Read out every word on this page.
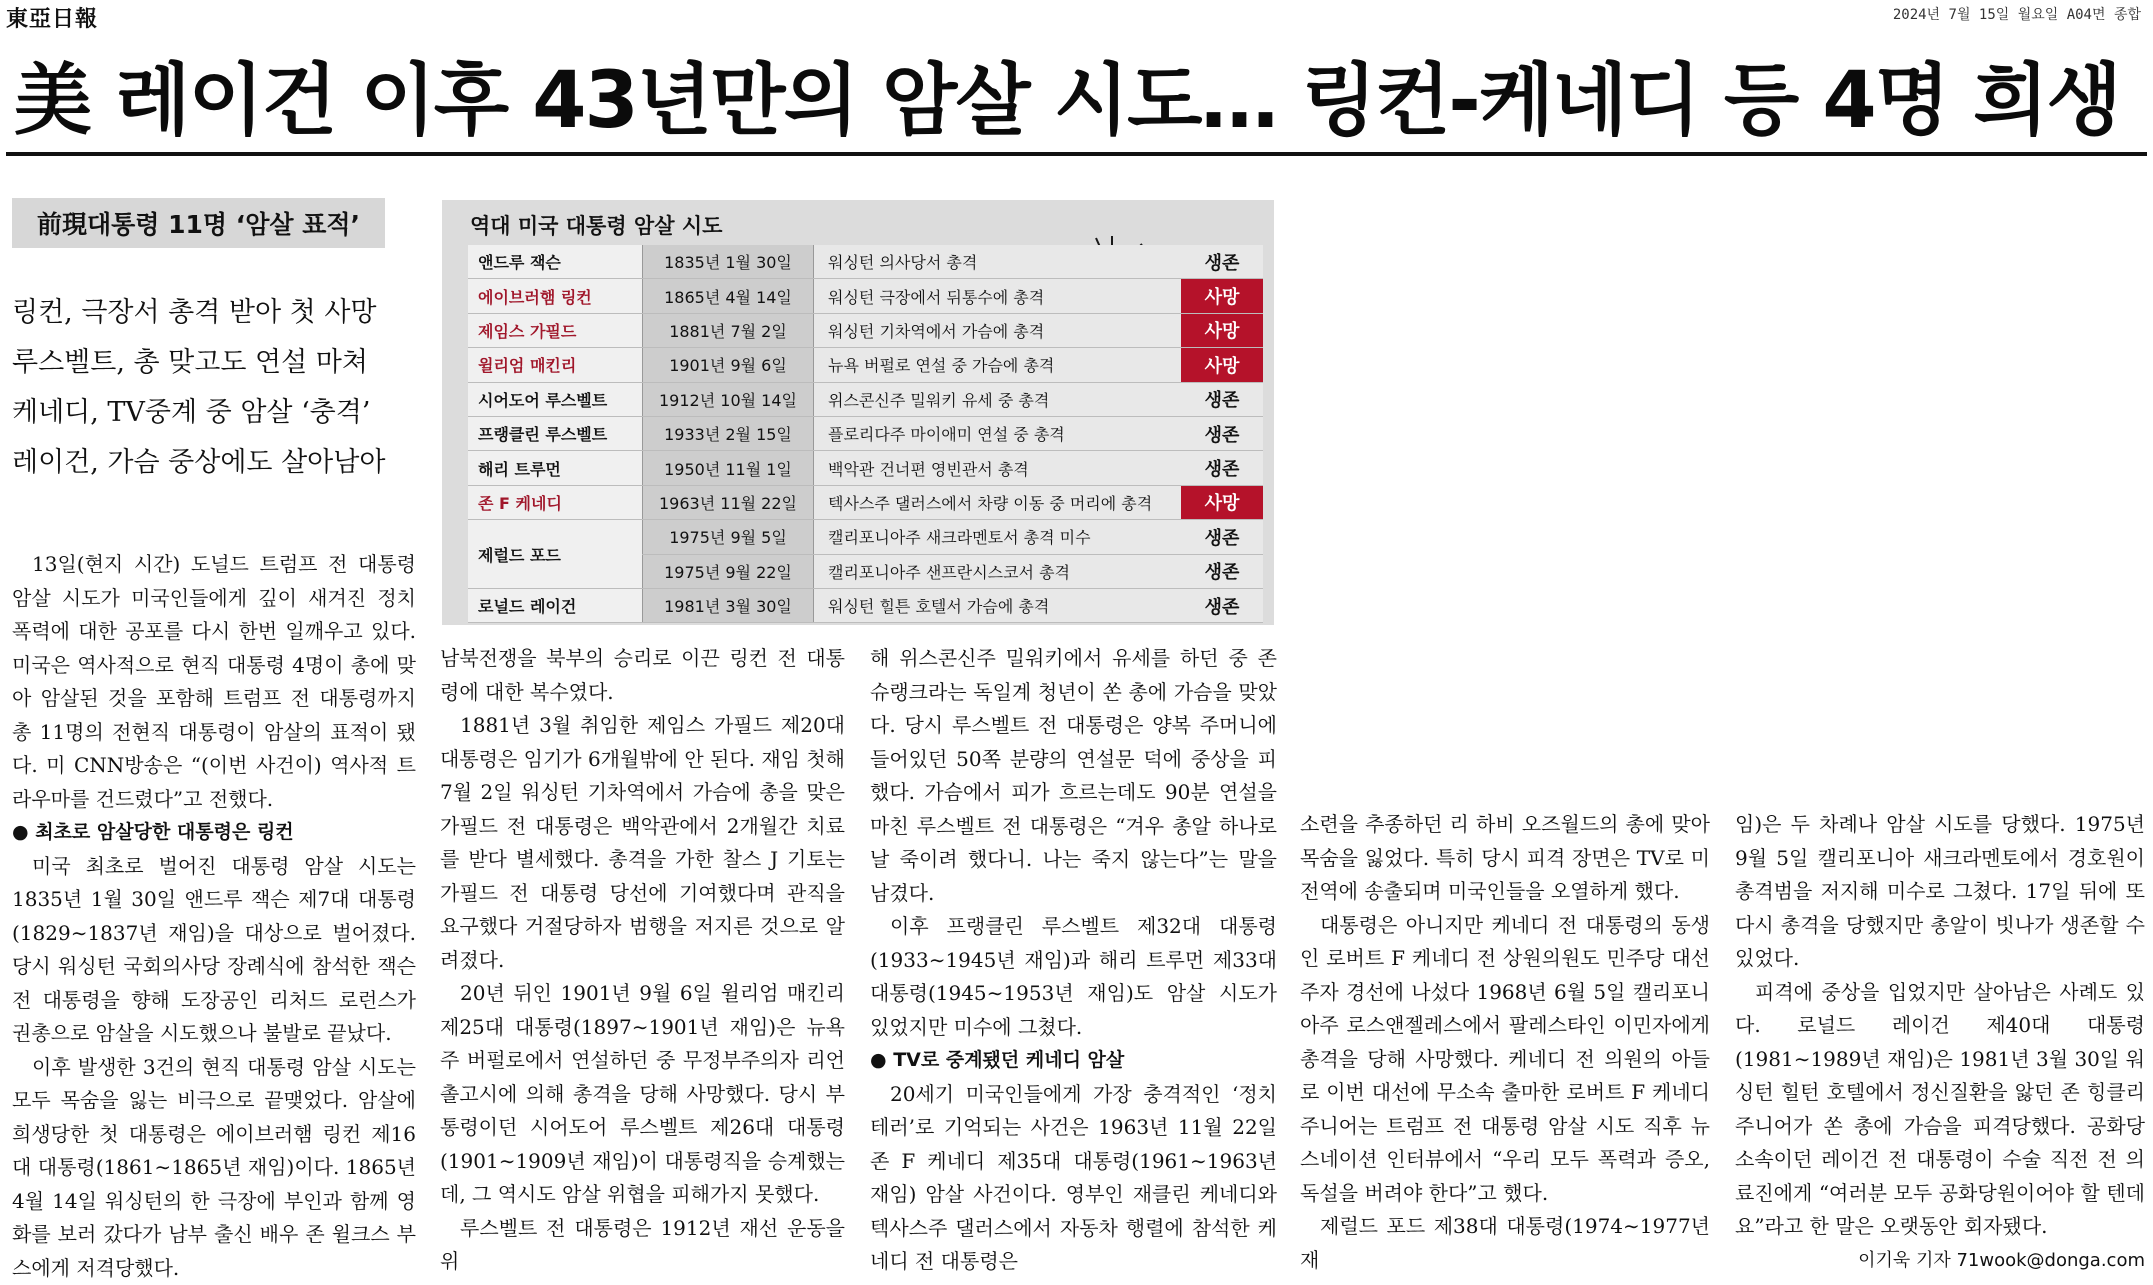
東亞日報	2024년 7월 15일 월요일 A04면 종합
美 레이건 이후 43년만의 암살 시도… 링컨-케네디 등 4명 희생
前現대통령 11명 ‘암살 표적’
링컨, 극장서 총격 받아 첫 사망
루스벨트, 총 맞고도 연설 마쳐
케네디, TV중계 중 암살 ‘충격’
레이건, 가슴 중상에도 살아남아
역대 미국 대통령 암살 시도
앤드루 잭슨	1835년 1월 30일	워싱턴 의사당서 총격	생존
에이브러햄 링컨	1865년 4월 14일	워싱턴 극장에서 뒤통수에 총격	사망
제임스 가필드	1881년 7월 2일	워싱턴 기차역에서 가슴에 총격	사망
윌리엄 매킨리	1901년 9월 6일	뉴욕 버펄로 연설 중 가슴에 총격	사망
시어도어 루스벨트	1912년 10월 14일	위스콘신주 밀워키 유세 중 총격	생존
프랭클린 루스벨트	1933년 2월 15일	플로리다주 마이애미 연설 중 총격	생존
해리 트루먼	1950년 11월 1일	백악관 건너편 영빈관서 총격	생존
존 F 케네디	1963년 11월 22일	텍사스주 댈러스에서 차량 이동 중 머리에 총격	사망
제럴드 포드	1975년 9월 5일	캘리포니아주 새크라멘토서 총격 미수	생존
	1975년 9월 22일	캘리포니아주 샌프란시스코서 총격	생존
로널드 레이건	1981년 3월 30일	워싱턴 힐튼 호텔서 가슴에 총격	생존

13일(현지 시간) 도널드 트럼프 전 대통령 암살 시도가 미국인들에게 깊이 새겨진 정치 폭력에 대한 공포를 다시 한번 일깨우고 있다. 미국은 역사적으로 현직 대통령 4명이 총에 맞아 암살된 것을 포함해 트럼프 전 대통령까지 총 11명의 전현직 대통령이 암살의 표적이 됐다. 미 CNN방송은 “(이번 사건이) 역사적 트라우마를 건드렸다”고 전했다.

● 최초로 암살당한 대통령은 링컨

미국 최초로 벌어진 대통령 암살 시도는 1835년 1월 30일 앤드루 잭슨 제7대 대통령(1829∼1837년 재임)을 대상으로 벌어졌다. 당시 워싱턴 국회의사당 장례식에 참석한 잭슨 전 대통령을 향해 도장공인 리처드 로런스가 권총으로 암살을 시도했으나 불발로 끝났다.

이후 발생한 3건의 현직 대통령 암살 시도는 모두 목숨을 잃는 비극으로 끝맺었다. 암살에 희생당한 첫 대통령은 에이브러햄 링컨 제16대 대통령(1861∼1865년 재임)이다. 1865년 4월 14일 워싱턴의 한 극장에 부인과 함께 영화를 보러 갔다가 남부 출신 배우 존 윌크스 부스에게 저격당했다.

남북전쟁을 북부의 승리로 이끈 링컨 전 대통령에 대한 복수였다.

1881년 3월 취임한 제임스 가필드 제20대 대통령은 임기가 6개월밖에 안 된다. 재임 첫해 7월 2일 워싱턴 기차역에서 가슴에 총을 맞은 가필드 전 대통령은 백악관에서 2개월간 치료를 받다 별세했다. 총격을 가한 찰스 J 기토는 가필드 전 대통령 당선에 기여했다며 관직을 요구했다 거절당하자 범행을 저지른 것으로 알려졌다.

20년 뒤인 1901년 9월 6일 윌리엄 매킨리 제25대 대통령(1897∼1901년 재임)은 뉴욕주 버펄로에서 연설하던 중 무정부주의자 리언 촐고시에 의해 총격을 당해 사망했다. 당시 부통령이던 시어도어 루스벨트 제26대 대통령(1901∼1909년 재임)이 대통령직을 승계했는데, 그 역시도 암살 위협을 피해가지 못했다.

루스벨트 전 대통령은 1912년 재선 운동을 위

해 위스콘신주 밀워키에서 유세를 하던 중 존 슈랭크라는 독일계 청년이 쏜 총에 가슴을 맞았다. 당시 루스벨트 전 대통령은 양복 주머니에 들어있던 50쪽 분량의 연설문 덕에 중상을 피했다. 가슴에서 피가 흐르는데도 90분 연설을 마친 루스벨트 전 대통령은 “겨우 총알 하나로 날 죽이려 했다니. 나는 죽지 않는다”는 말을 남겼다.

이후 프랭클린 루스벨트 제32대 대통령(1933∼1945년 재임)과 해리 트루먼 제33대 대통령(1945∼1953년 재임)도 암살 시도가 있었지만 미수에 그쳤다.

● TV로 중계됐던 케네디 암살

20세기 미국인들에게 가장 충격적인 ‘정치 테러’로 기억되는 사건은 1963년 11월 22일 존 F 케네디 제35대 대통령(1961∼1963년 재임) 암살 사건이다. 영부인 재클린 케네디와 텍사스주 댈러스에서 자동차 행렬에 참석한 케네디 전 대통령은

소련을 추종하던 리 하비 오즈월드의 총에 맞아 목숨을 잃었다. 특히 당시 피격 장면은 TV로 미 전역에 송출되며 미국인들을 오열하게 했다.

대통령은 아니지만 케네디 전 대통령의 동생인 로버트 F 케네디 전 상원의원도 민주당 대선 주자 경선에 나섰다 1968년 6월 5일 캘리포니아주 로스앤젤레스에서 팔레스타인 이민자에게 총격을 당해 사망했다. 케네디 전 의원의 아들로 이번 대선에 무소속 출마한 로버트 F 케네디 주니어는 트럼프 전 대통령 암살 시도 직후 뉴스네이션 인터뷰에서 “우리 모두 폭력과 증오, 독설을 버려야 한다”고 했다.

제럴드 포드 제38대 대통령(1974∼1977년 재

임)은 두 차례나 암살 시도를 당했다. 1975년 9월 5일 캘리포니아 새크라멘토에서 경호원이 총격범을 저지해 미수로 그쳤다. 17일 뒤에 또다시 총격을 당했지만 총알이 빗나가 생존할 수 있었다.

피격에 중상을 입었지만 살아남은 사례도 있다. 로널드 레이건 제40대 대통령(1981∼1989년 재임)은 1981년 3월 30일 워싱턴 힐턴 호텔에서 정신질환을 앓던 존 힝클리 주니어가 쏜 총에 가슴을 피격당했다. 공화당 소속이던 레이건 전 대통령이 수술 직전 전 의료진에게 “여러분 모두 공화당원이어야 할 텐데요”라고 한 말은 오랫동안 회자됐다.

이기욱 기자 71wook@donga.com
